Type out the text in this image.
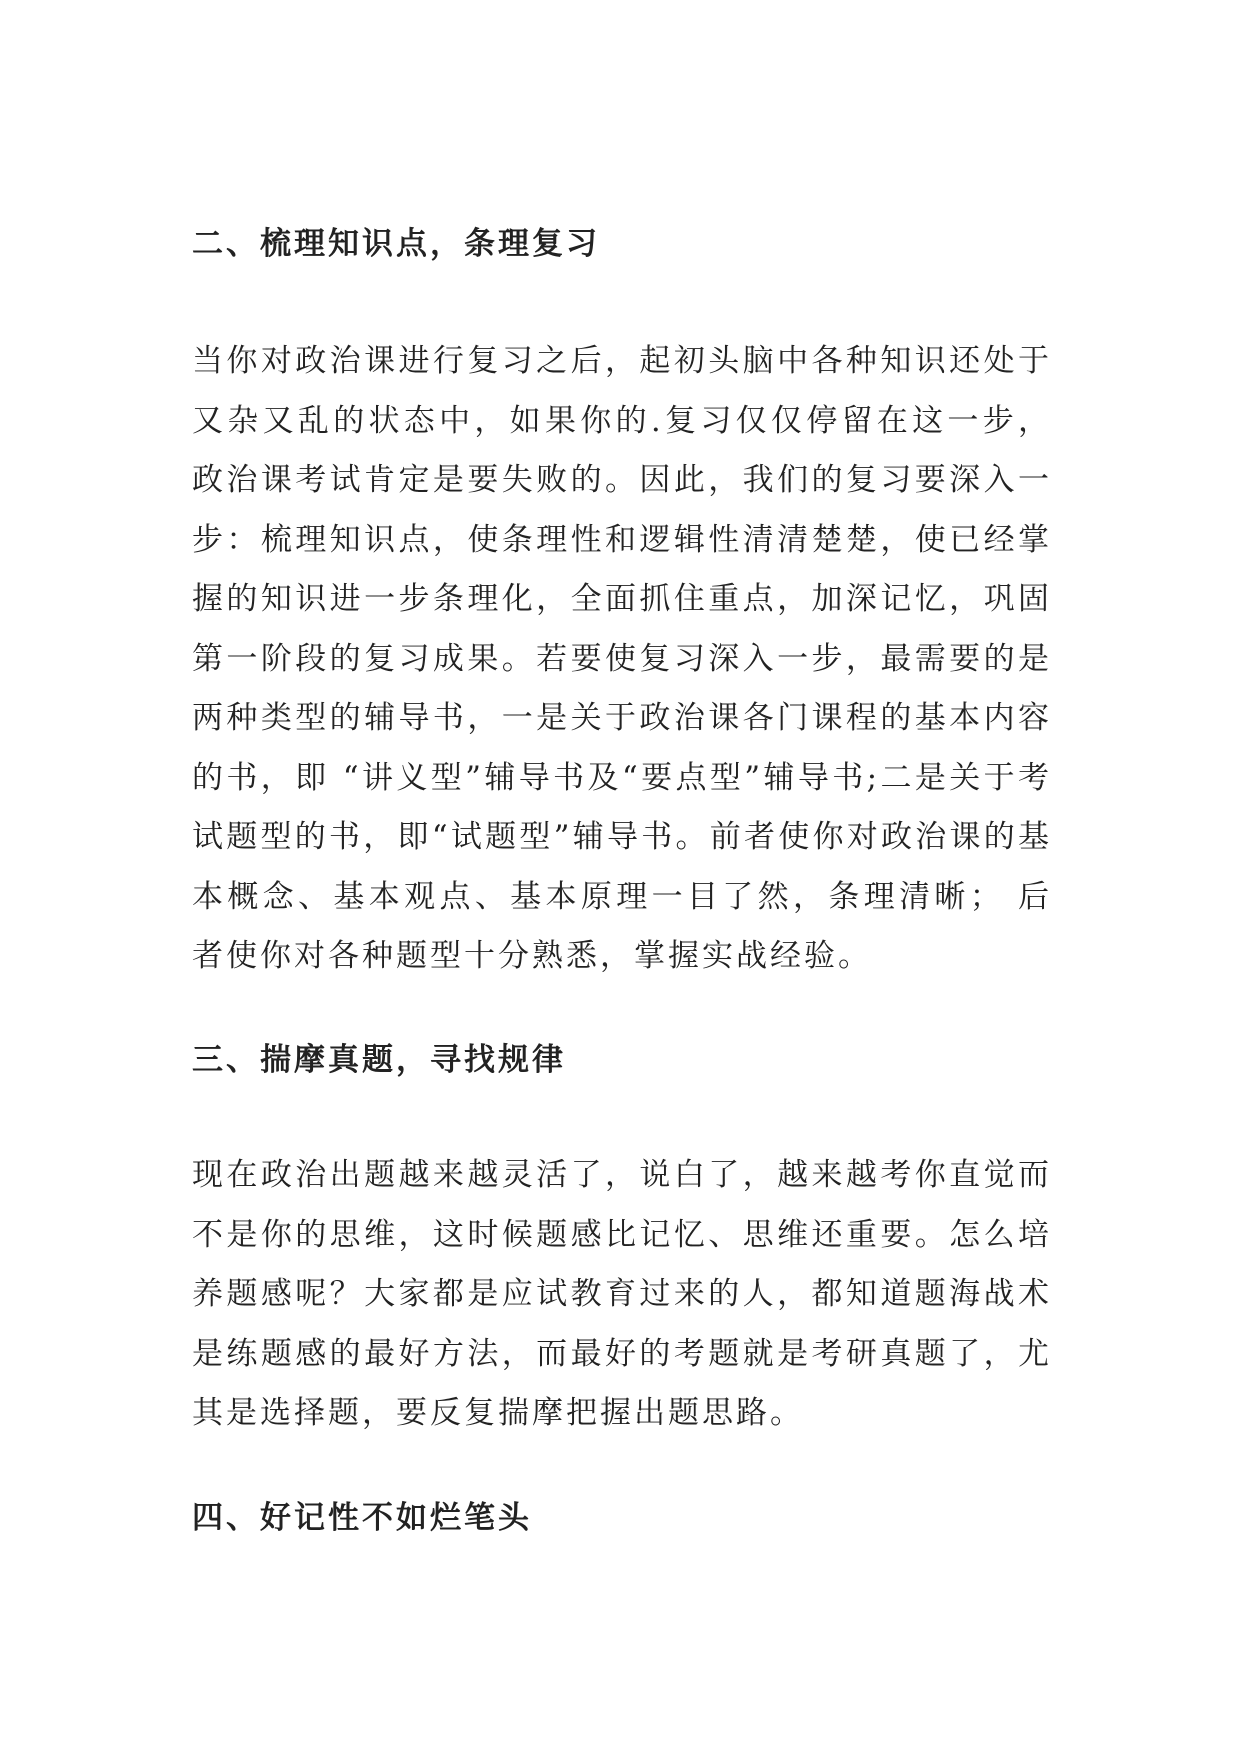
二、梳理知识点，条理复习

当你对政治课进行复习之后，起初头脑中各种知识还处于又杂又乱的状态中，如果你的.复习仅仅停留在这一步，政治课考试肯定是要失败的。因此，我们的复习要深入一步：梳理知识点，使条理性和逻辑性清清楚楚，使已经掌握的知识进一步条理化，全面抓住重点，加深记忆，巩固第一阶段的复习成果。若要使复习深入一步，最需要的是两种类型的辅导书，一是关于政治课各门课程的基本内容的书，即 “讲义型”辅导书及“要点型”辅导书;二是关于考试题型的书，即“试题型”辅导书。前者使你对政治课的基本概念、基本观点、基本原理一目了然，条理清晰； 后者使你对各种题型十分熟悉，掌握实战经验。

三、揣摩真题，寻找规律

现在政治出题越来越灵活了，说白了，越来越考你直觉而不是你的思维，这时候题感比记忆、思维还重要。怎么培养题感呢？大家都是应试教育过来的人，都知道题海战术是练题感的最好方法，而最好的考题就是考研真题了，尤其是选择题，要反复揣摩把握出题思路。

四、好记性不如烂笔头
